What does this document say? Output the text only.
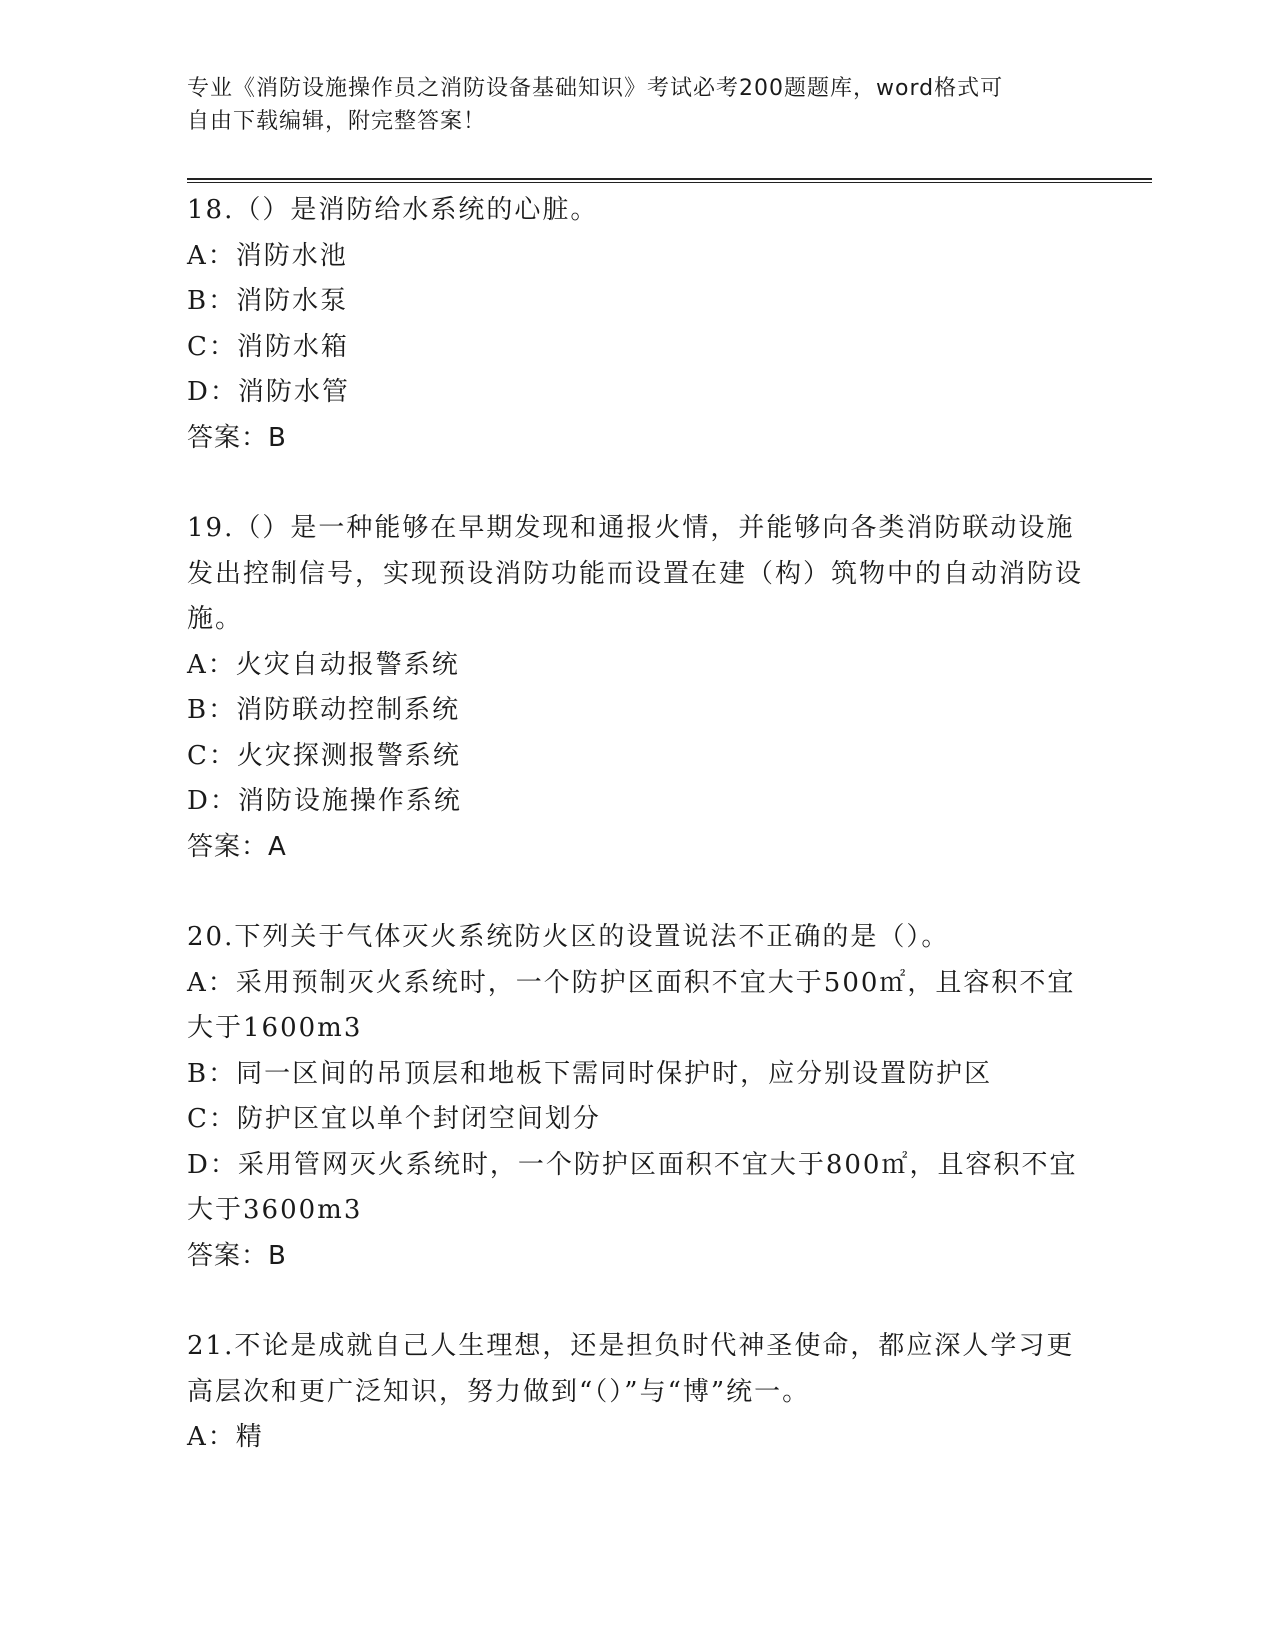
专业《消防设施操作员之消防设备基础知识》考试必考200题题库，word格式可
自由下载编辑，附完整答案！

18.（）是消防给水系统的心脏。

A：消防水池

B：消防水泵

C：消防水箱

D：消防水管

答案：B

19.（）是一种能够在早期发现和通报火情，并能够向各类消防联动设施发出控制信号，实现预设消防功能而设置在建（构）筑物中的自动消防设施。

A：火灾自动报警系统

B：消防联动控制系统

C：火灾探测报警系统

D：消防设施操作系统

答案：A

20.下列关于气体灭火系统防火区的设置说法不正确的是（）。

A：采用预制灭火系统时，一个防护区面积不宜大于500㎡，且容积不宜大于1600m3

B：同一区间的吊顶层和地板下需同时保护时，应分别设置防护区

C：防护区宜以单个封闭空间划分

D：采用管网灭火系统时，一个防护区面积不宜大于800㎡，且容积不宜大于3600m3

答案：B

21.不论是成就自己人生理想，还是担负时代神圣使命，都应深人学习更高层次和更广泛知识，努力做到“（）”与“博”统一。

A：精
